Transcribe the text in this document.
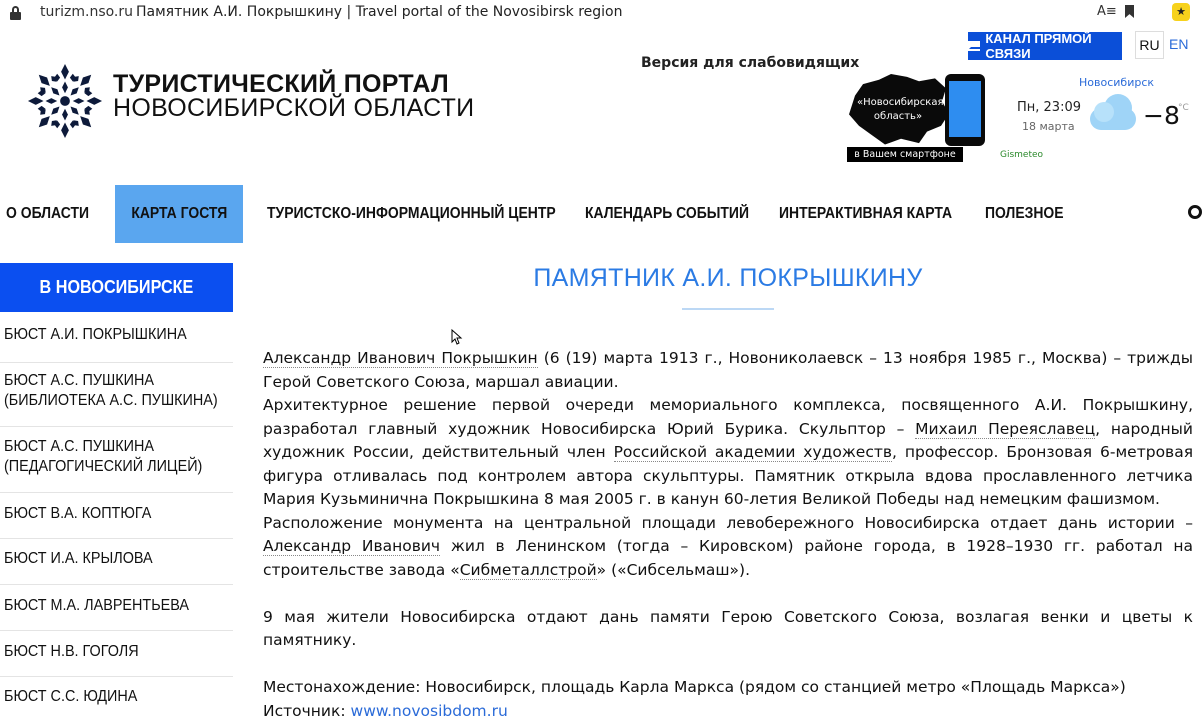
turizm.nso.ru Памятник А.И. Покрышкину | Travel portal of the Novosibirsk region	A≡	★
ТУРИСТИЧЕСКИЙ ПОРТАЛ
НОВОСИБИРСКОЙ ОБЛАСТИ
Версия для слабовидящих
КАНАЛ ПРЯМОЙ СВЯЗИ
RU EN
«Новосибирская область»
в Вашем смартфоне
Пн, 23:09
18 марта
Новосибирск
−8
°C
Gismeteo
О ОБЛАСТИ	КАРТА ГОСТЯ	ТУРИСТСКО-ИНФОРМАЦИОННЫЙ ЦЕНТР КАЛЕНДАРЬ СОБЫТИЙ ИНТЕРАКТИВНАЯ КАРТА ПОЛЕЗНОЕ
В НОВОСИБИРСКЕ
БЮСТ А.И. ПОКРЫШКИНА
БЮСТ А.С. ПУШКИНА
(БИБЛИОТЕКА А.С. ПУШКИНА)
БЮСТ А.С. ПУШКИНА
(ПЕДАГОГИЧЕСКИЙ ЛИЦЕЙ)
БЮСТ В.А. КОПТЮГА
БЮСТ И.А. КРЫЛОВА
БЮСТ М.А. ЛАВРЕНТЬЕВА
БЮСТ Н.В. ГОГОЛЯ
БЮСТ С.С. ЮДИНА
ПАМЯТНИК А.И. ПОКРЫШКИНУ

Александр Иванович Покрышкин (6 (19) марта 1913 г., Новониколаевск – 13 ноября 1985 г., Москва) – трижды Герой Советского Союза, маршал авиации.

Архитектурное решение первой очереди мемориального комплекса, посвященного А.И. Покрышкину, разработал главный художник Новосибирска Юрий Бурика. Скульптор – Михаил Переяславец, народный художник России, действительный член Российской академии художеств, профессор. Бронзовая 6-метровая фигура отливалась под контролем автора скульптуры. Памятник открыла вдова прославленного летчика Мария Кузьминична Покрышкина 8 мая 2005 г. в канун 60-летия Великой Победы над немецким фашизмом.

Расположение монумента на центральной площади левобережного Новосибирска отдает дань истории – Александр Иванович жил в Ленинском (тогда – Кировском) районе города, в 1928–1930 гг. работал на строительстве завода «Сибметаллстрой» («Сибсельмаш»).

9 мая жители Новосибирска отдают дань памяти Герою Советского Союза, возлагая венки и цветы к памятнику.

Местонахождение: Новосибирск, площадь Карла Маркса (рядом со станцией метро «Площадь Маркса»)

Источник: www.novosibdom.ru
